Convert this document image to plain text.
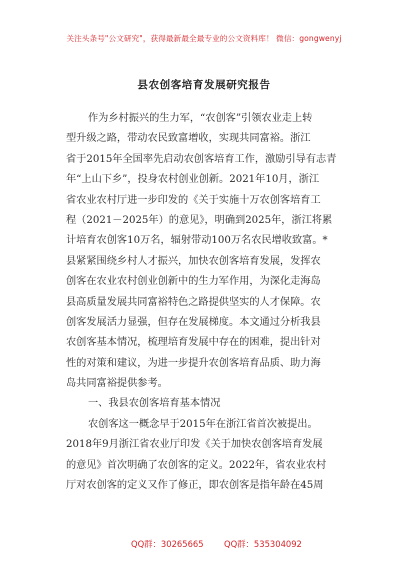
关注头条号"公文研究"，获得最新最全最专业的公文资料库！ 微信：gongwenyj
县农创客培育发展研究报告
作为乡村振兴的生力军，“农创客”引领农业走上转
型升级之路，带动农民致富增收，实现共同富裕。浙江
省于2015年全国率先启动农创客培育工作，激励引导有志青
年“上山下乡”，投身农村创业创新。2021年10月，浙江
省农业农村厅进一步印发的《关于实施十万农创客培育工
程（2021－2025年）的意见》，明确到2025年，浙江将累
计培育农创客10万名，辐射带动100万名农民增收致富。*
县紧紧围绕乡村人才振兴，加快农创客培育发展，发挥农
创客在农业农村创业创新中的生力军作用，为深化走海岛
县高质量发展共同富裕特色之路提供坚实的人才保障。农
创客发展活力显强，但存在发展梯度。本文通过分析我县
农创客基本情况，梳理培育发展中存在的困难，提出针对
性的对策和建议，为进一步提升农创客培育品质、助力海
岛共同富裕提供参考。
一、我县农创客培育基本情况
农创客这一概念早于2015年在浙江省首次被提出。
2018年9月浙江省农业厅印发《关于加快农创客培育发展
的意见》首次明确了农创客的定义。2022年，省农业农村
厅对农创客的定义又作了修正，即农创客是指年龄在45周
QQ群：30265665 QQ群：535304092
